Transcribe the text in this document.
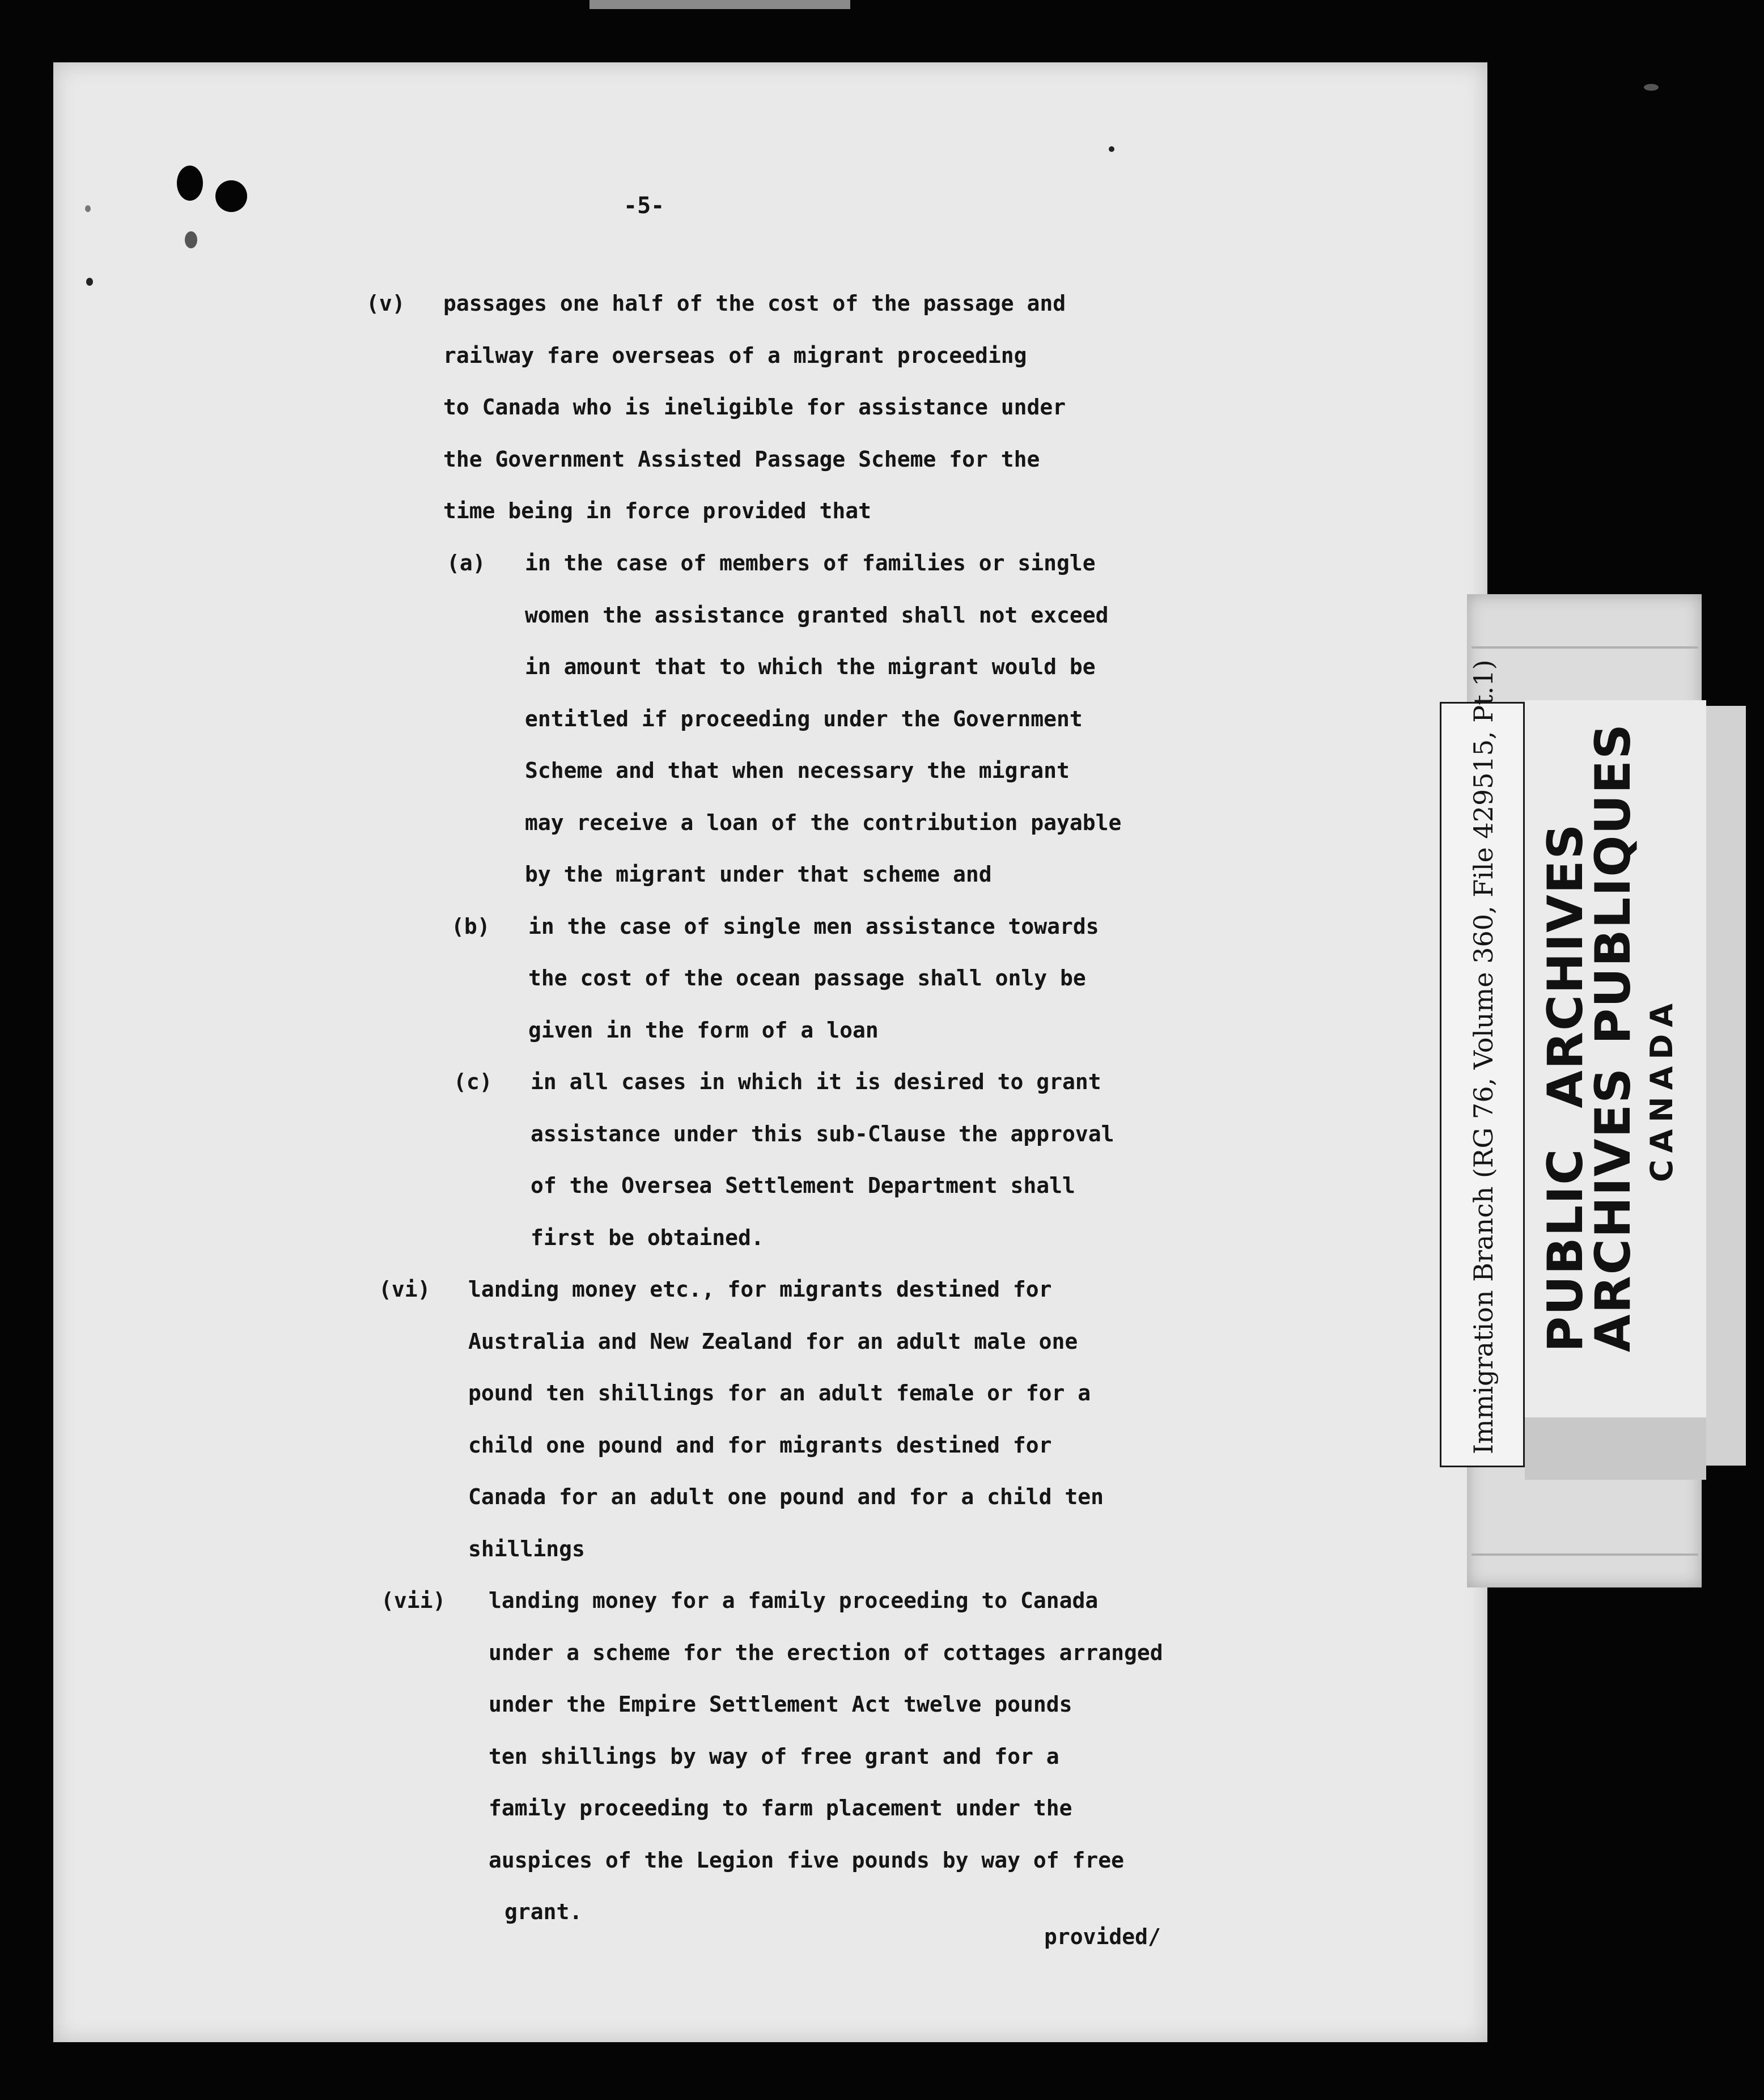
-5-

(v) passages one half of the cost of the passage and

railway fare overseas of a migrant proceeding

to Canada who is ineligible for assistance under

the Government Assisted Passage Scheme for the

time being in force provided that

(a) in the case of members of families or single

women the assistance granted shall not exceed

in amount that to which the migrant would be

entitled if proceeding under the Government

Scheme and that when necessary the migrant

may receive a loan of the contribution payable

by the migrant under that scheme and

(b) in the case of single men assistance towards

the cost of the ocean passage shall only be

given in the form of a loan

(c) in all cases in which it is desired to grant

assistance under this sub-Clause the approval

of the Oversea Settlement Department shall

first be obtained.

(vi) landing money etc., for migrants destined for

Australia and New Zealand for an adult male one

pound ten shillings for an adult female or for a

child one pound and for migrants destined for

Canada for an adult one pound and for a child ten

shillings

(vii) landing money for a family proceeding to Canada

under a scheme for the erection of cottages arranged

under the Empire Settlement Act twelve pounds

ten shillings by way of free grant and for a

family proceeding to farm placement under the

auspices of the Legion five pounds by way of free

grant.

provided/

Immigration Branch (RG 76, Volume 360, File 429515, Pt.1) PUBLICARCHIVES
ARCHIVESPUBLIQUES
CANADA
